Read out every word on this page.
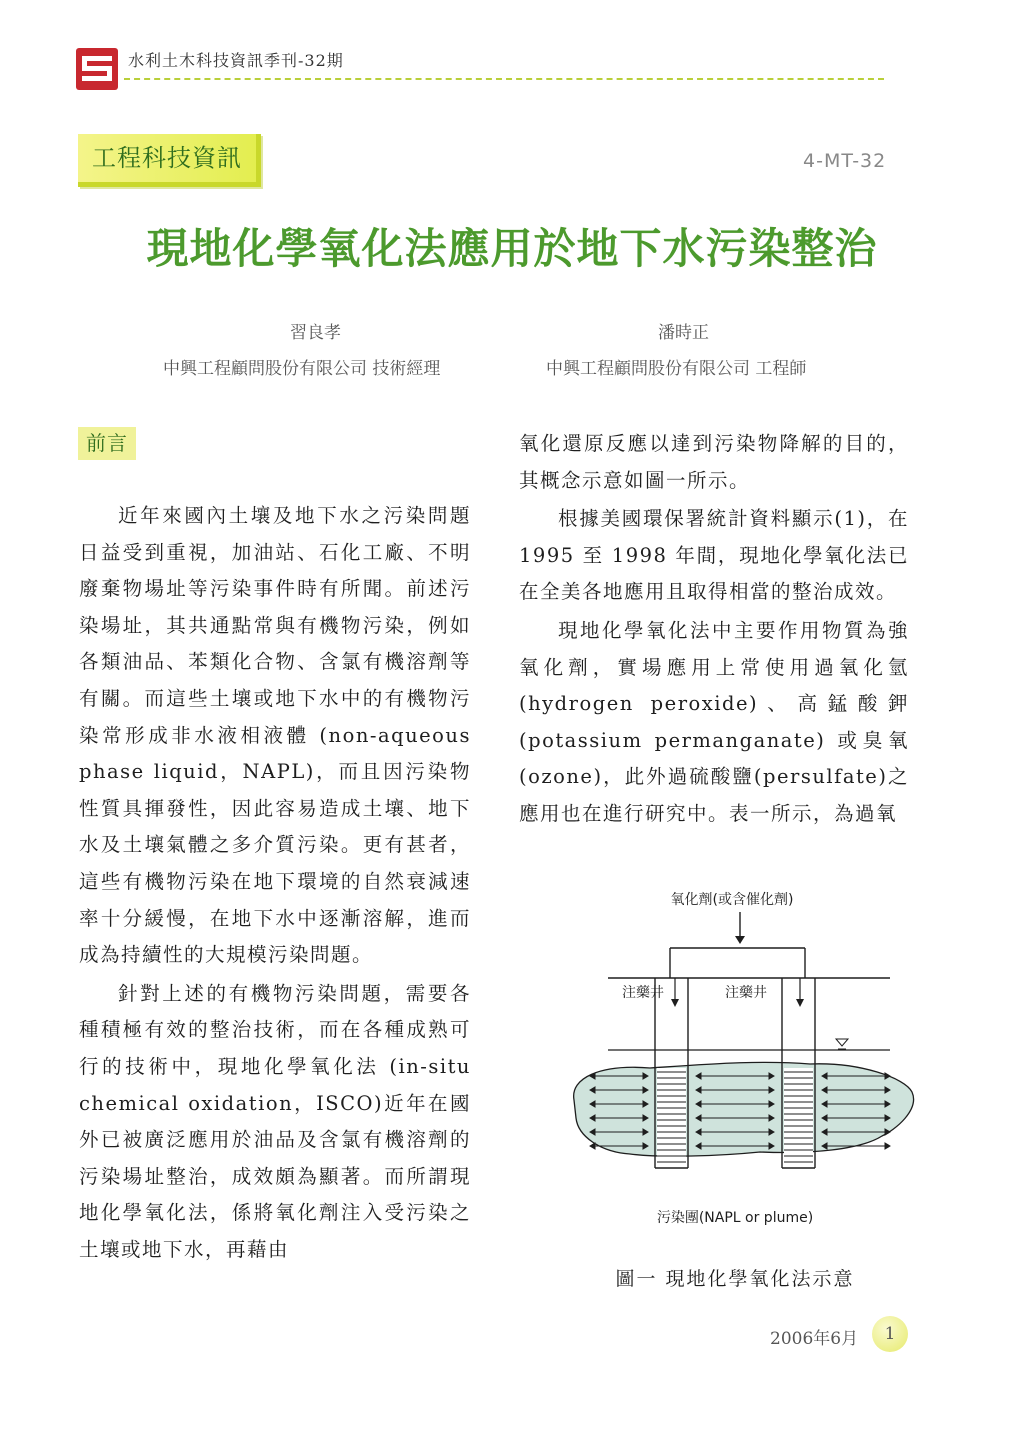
水利土木科技資訊季刊-32期
工程科技資訊	4-MT-32
現地化學氧化法應用於地下水污染整治
習良孝
中興工程顧問股份有限公司 技術經理
潘時正
中興工程顧問股份有限公司 工程師
前言

近年來國內土壤及地下水之污染問題日益受到重視，加油站、石化工廠、不明廢棄物場址等污染事件時有所聞。前述污染場址，其共通點常與有機物污染，例如各類油品、苯類化合物、含氯有機溶劑等有關。而這些土壤或地下水中的有機物污染常形成非水液相液體 (non-aqueous phase liquid，NAPL)，而且因污染物性質具揮發性，因此容易造成土壤、地下水及土壤氣體之多介質污染。更有甚者，這些有機物污染在地下環境的自然衰減速率十分緩慢，在地下水中逐漸溶解，進而成為持續性的大規模污染問題。

針對上述的有機物污染問題，需要各種積極有效的整治技術，而在各種成熟可行的技術中，現地化學氧化法 (in-situ chemical oxidation，ISCO)近年在國外已被廣泛應用於油品及含氯有機溶劑的污染場址整治，成效頗為顯著。而所謂現地化學氧化法，係將氧化劑注入受污染之土壤或地下水，再藉由

氧化還原反應以達到污染物降解的目的，其概念示意如圖一所示。

根據美國環保署統計資料顯示(1)，在 1995 至 1998 年間，現地化學氧化法已在全美各地應用且取得相當的整治成效。

現地化學氧化法中主要作用物質為強氧化劑，實場應用上常使用過氧化氫 (hydrogen peroxide)、高錳酸鉀 (potassium permanganate) 或臭氧 (ozone)，此外過硫酸鹽(persulfate)之應用也在進行研究中。表一所示，為過氧

氧化劑(或含催化劑)
注藥井	注藥井
污染團(NAPL or plume)
圖一 現地化學氧化法示意
2006年6月	1
